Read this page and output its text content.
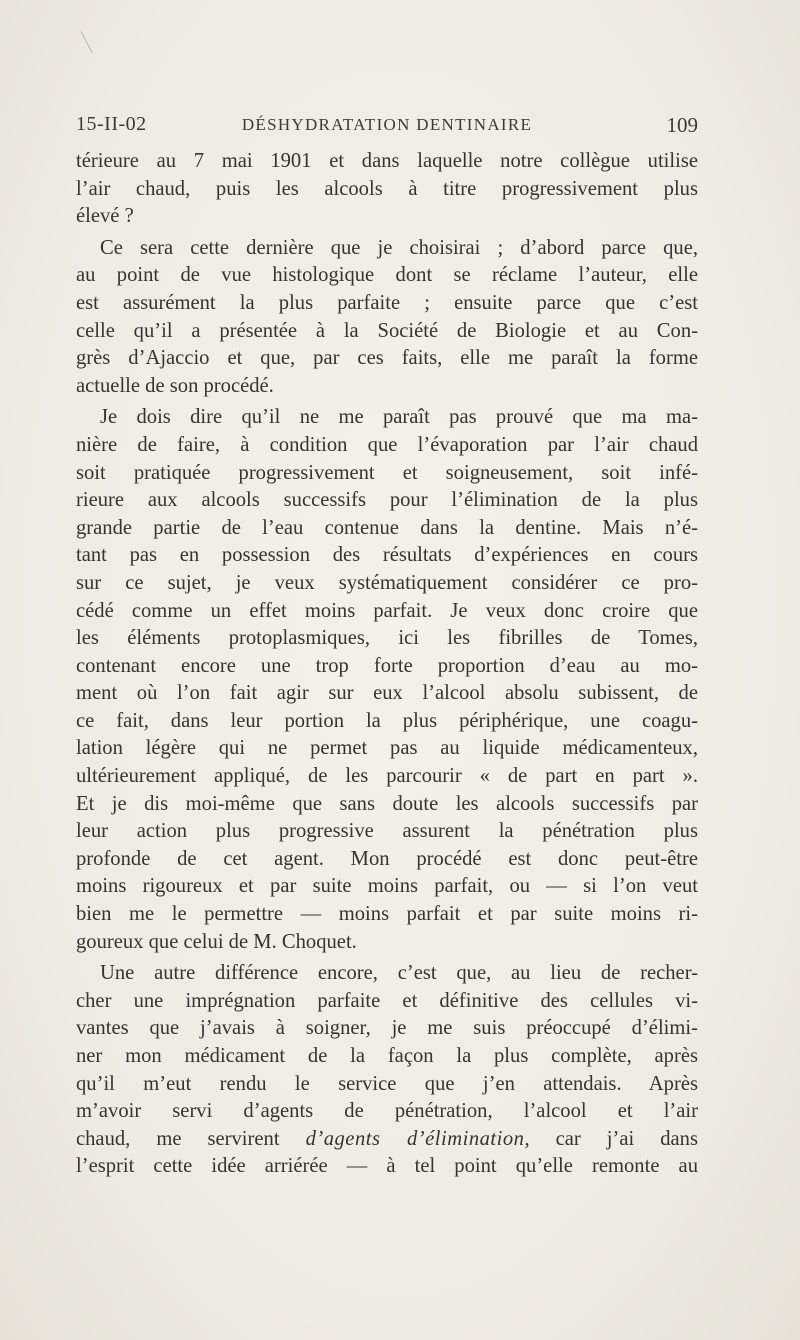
15-II-02	DÉSHYDRATATION DENTINAIRE	109
térieure au 7 mai 1901 et dans laquelle notre collègue utilise
l’air chaud, puis les alcools à titre progressivement plus
élevé ?
Ce sera cette dernière que je choisirai ; d’abord parce que,
au point de vue histologique dont se réclame l’auteur, elle
est assurément la plus parfaite ; ensuite parce que c’est
celle qu’il a présentée à la Société de Biologie et au Con-
grès d’Ajaccio et que, par ces faits, elle me paraît la forme
actuelle de son procédé.
Je dois dire qu’il ne me paraît pas prouvé que ma ma-
nière de faire, à condition que l’évaporation par l’air chaud
soit pratiquée progressivement et soigneusement, soit infé-
rieure aux alcools successifs pour l’élimination de la plus
grande partie de l’eau contenue dans la dentine. Mais n’é-
tant pas en possession des résultats d’expériences en cours
sur ce sujet, je veux systématiquement considérer ce pro-
cédé comme un effet moins parfait. Je veux donc croire que
les éléments protoplasmiques, ici les fibrilles de Tomes,
contenant encore une trop forte proportion d’eau au mo-
ment où l’on fait agir sur eux l’alcool absolu subissent, de
ce fait, dans leur portion la plus périphérique, une coagu-
lation légère qui ne permet pas au liquide médicamenteux,
ultérieurement appliqué, de les parcourir « de part en part ».
Et je dis moi-même que sans doute les alcools successifs par
leur action plus progressive assurent la pénétration plus
profonde de cet agent. Mon procédé est donc peut-être
moins rigoureux et par suite moins parfait, ou — si l’on veut
bien me le permettre — moins parfait et par suite moins ri-
goureux que celui de M. Choquet.
Une autre différence encore, c’est que, au lieu de recher-
cher une imprégnation parfaite et définitive des cellules vi-
vantes que j’avais à soigner, je me suis préoccupé d’élimi-
ner mon médicament de la façon la plus complète, après
qu’il m’eut rendu le service que j’en attendais. Après
m’avoir servi d’agents de pénétration, l’alcool et l’air
chaud, me servirent d’agents d’élimination, car j’ai dans
l’esprit cette idée arriérée — à tel point qu’elle remonte au
